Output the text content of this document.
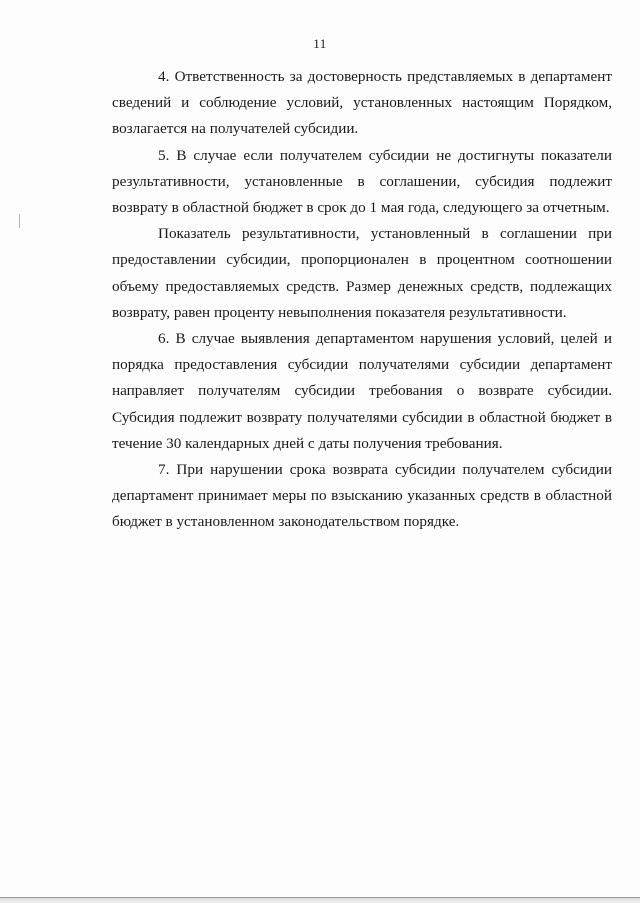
11

4. Ответственность за достоверность представляемых в департамент сведений и соблюдение условий, установленных настоящим Порядком, возлагается на получателей субсидии.

5. В случае если получателем субсидии не достигнуты показатели результативности, установленные в соглашении, субсидия подлежит возврату в областной бюджет в срок до 1 мая года, следующего за отчетным.

Показатель результативности, установленный в соглашении при предоставлении субсидии, пропорционален в процентном соотношении объему предоставляемых средств. Размер денежных средств, подлежащих возврату, равен проценту невыполнения показателя результативности.

6. В случае выявления департаментом нарушения условий, целей и порядка предоставления субсидии получателями субсидии департамент направляет получателям субсидии требования о возврате субсидии. Субсидия подлежит возврату получателями субсидии в областной бюджет в течение 30 календарных дней с даты получения требования.

7. При нарушении срока возврата субсидии получателем субсидии департамент принимает меры по взысканию указанных средств в областной бюджет в установленном законодательством порядке.
